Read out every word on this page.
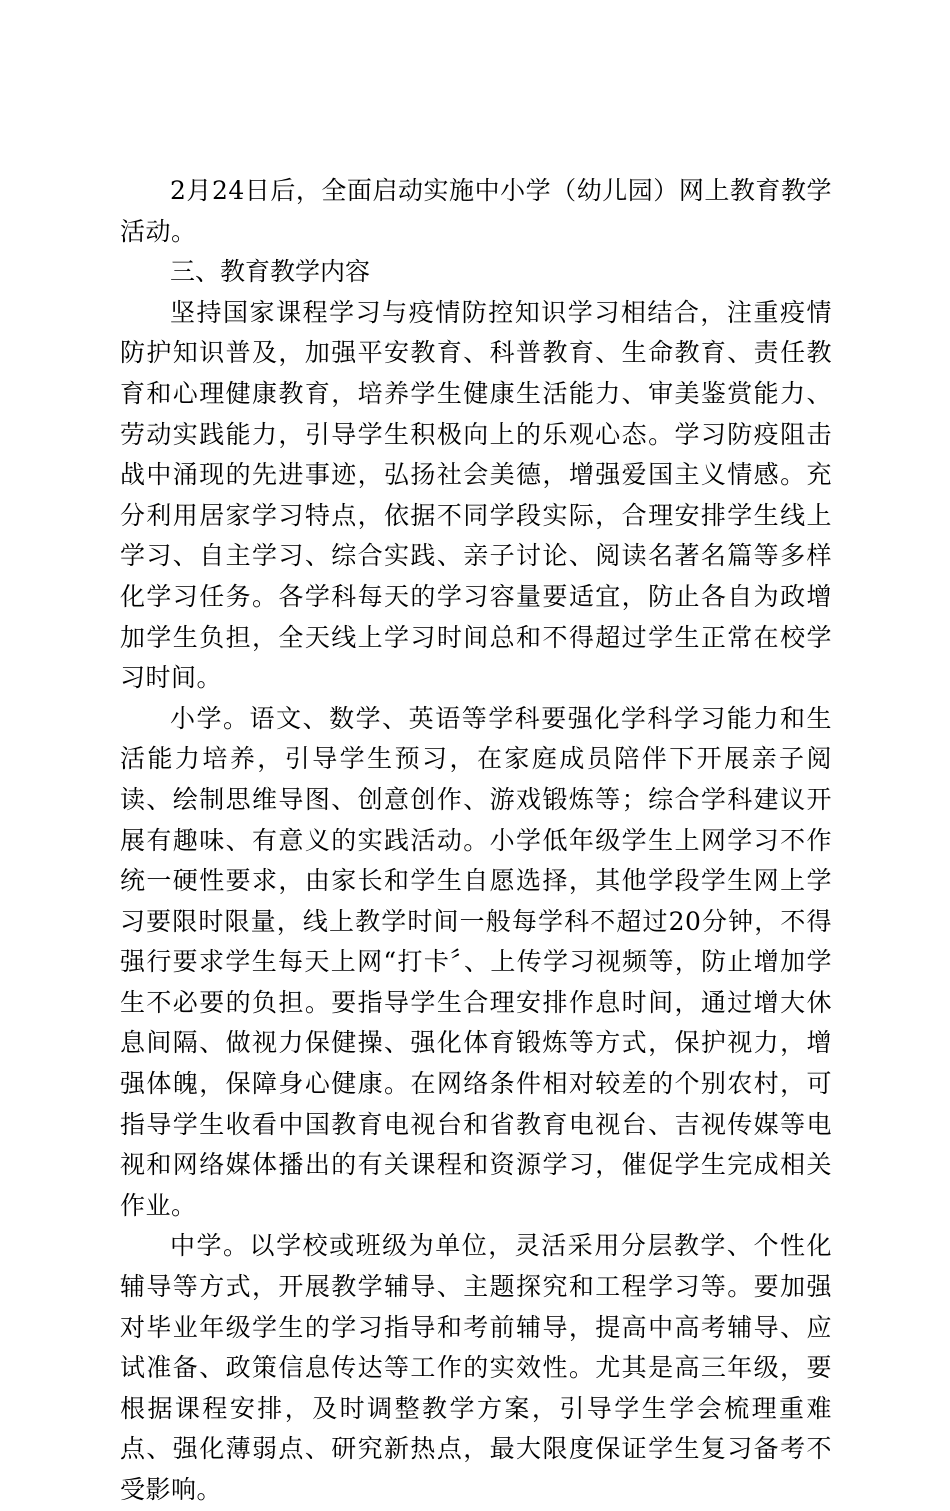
2月24日后，全面启动实施中小学（幼儿园）网上教育教学活动。

三、教育教学内容

坚持国家课程学习与疫情防控知识学习相结合，注重疫情防护知识普及，加强平安教育、科普教育、生命教育、责任教育和心理健康教育，培养学生健康生活能力、审美鉴赏能力、劳动实践能力，引导学生积极向上的乐观心态。学习防疫阻击战中涌现的先进事迹，弘扬社会美德，增强爱国主义情感。充分利用居家学习特点，依据不同学段实际，合理安排学生线上学习、自主学习、综合实践、亲子讨论、阅读名著名篇等多样化学习任务。各学科每天的学习容量要适宜，防止各自为政增加学生负担，全天线上学习时间总和不得超过学生正常在校学习时间。

小学。语文、数学、英语等学科要强化学科学习能力和生活能力培养，引导学生预习，在家庭成员陪伴下开展亲子阅读、绘制思维导图、创意创作、游戏锻炼等；综合学科建议开展有趣味、有意义的实践活动。小学低年级学生上网学习不作统一硬性要求，由家长和学生自愿选择，其他学段学生网上学习要限时限量，线上教学时间一般每学科不超过20分钟，不得强行要求学生每天上网“打卡〞、上传学习视频等，防止增加学生不必要的负担。要指导学生合理安排作息时间，通过增大休息间隔、做视力保健操、强化体育锻炼等方式，保护视力，增强体魄，保障身心健康。在网络条件相对较差的个别农村，可指导学生收看中国教育电视台和省教育电视台、吉视传媒等电视和网络媒体播出的有关课程和资源学习，催促学生完成相关作业。

中学。以学校或班级为单位，灵活采用分层教学、个性化辅导等方式，开展教学辅导、主题探究和工程学习等。要加强对毕业年级学生的学习指导和考前辅导，提高中高考辅导、应试准备、政策信息传达等工作的实效性。尤其是高三年级，要根据课程安排，及时调整教学方案，引导学生学会梳理重难点、强化薄弱点、研究新热点，最大限度保证学生复习备考不受影响。
